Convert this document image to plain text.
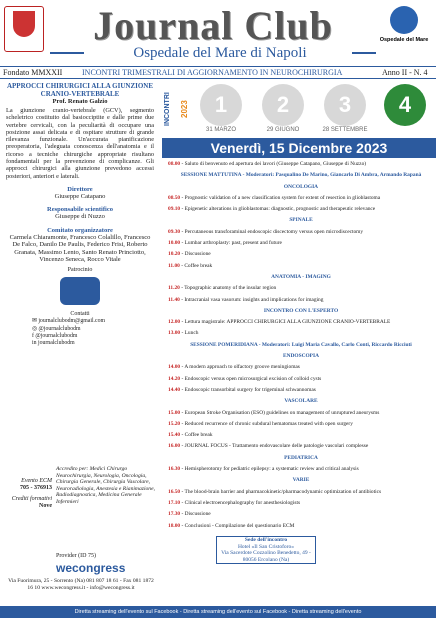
Journal Club
Ospedale del Mare di Napoli
Ospedale del Mare
Fondato MMXXII INCONTRI TRIMESTRALI DI AGGIORNAMENTO IN NEUROCHIRURGIA	Anno II - N. 4
APPROCCI CHIRURGICI ALLA GIUNZIONE CRANIO-VERTEBRALE
Prof. Renato Galzio
La giunzione cranio-vertebrale (GCV), segmento scheletrico costituito dal basiocciptite e dalle prime due vertebre cervicali, con la peculiarità di occupare una posizione assai delicata e di ospitare strutture di grande rilevanza funzionale. Un'accurata pianificazione preoperatoria, l'adeguata conoscenza dell'anatomia e il ricorso a tecniche chirurgiche appropriate risultano fondamentali per la prevenzione di complicanze. Gli approcci chirurgici alla giunzione prevedono accessi posteriori, anteriori e laterali.
Direttore
Giuseppe Catapano
Responsabile scientifico
Giuseppe di Nuzzo
Comitato organizzatore
Carmela Chiaramonte, Francesco Colalillo, Francesco De Falco, Danilo De Paulis, Federico Frisi, Roberto Granata, Massimo Lento, Santo Renato Princiotto, Vincenzo Seneca, Rocco Vitale
Patrocinio
Contatti
✉ journalclubodm@gmail.com
◎ @journalclubodm
f @journalclubodm
in journalclubodm
Evento ECM
705 - 376913
Crediti formativi
Nove
Accredito per: Medici Chirurgo Neurochirurgia, Neurologia, Oncologia, Chirurgia Generale, Chirurgia Vascolare, Neuroradiologia, Anestesia e Rianimazione, Radiodiagnostica, Medicina Generale Infermieri
Provider (ID 75)
wecongress
Via Fuorimura, 25 - Sorrento (Na) 081 807 18 61 - Fax 081 1872 16 10 www.wecongress.it - info@wecongress.it
INCONTRI	2023	1
31 MARZO
2
29 GIUGNO
3
28 SETTEMBRE
4
Venerdì, 15 Dicembre 2023
08.00 - Saluto di benvenuto ed apertura dei lavori (Giuseppe Catapano, Giuseppe di Nuzzo)
SESSIONE MATTUTINA - Moderatori: Pasqualino De Marino, Giancarlo Di Ambra, Armando Rapanà
ONCOLOGIA
08.50 - Prognostic validation of a new classification system for extent of resection in glioblastoma
09.10 - Epigenetic alterations in glioblastomas: diagnostic, prognostic and therapeutic relevance
SPINALE
09.30 - Percutaneous transforaminal endoscopic discectomy versus open microdiscectomy
10.00 - Lumbar arthroplasty: past, present and future
10.20 - Discussione
11.00 - Coffee break
ANATOMIA - IMAGING
11.20 - Topographic anatomy of the insular region
11.40 - Intracranial vasa vasorum: insights and implications for imaging
INCONTRO CON L'ESPERTO
12.00 - Lettura magistrale: APPROCCI CHIRURGICI ALLA GIUNZIONE CRANIO-VERTEBRALE
13.00 - Lunch
SESSIONE POMERIDIANA - Moderatori: Luigi Maria Cavallo, Carlo Conti, Riccardo Ricciuti
ENDOSCOPIA
14.00 - A modern approach to olfactory groove meningiomas
14.20 - Endoscopic versus open microsurgical excision of colloid cysts
14.40 - Endoscopic transorbital surgery for trigeminal schwannomas
VASCOLARE
15.00 - European Stroke Organisation (ESO) guidelines on management of unruptured aneurysms
15.20 - Reduced recurrence of chronic subdural hematomas treated with open surgery
15.40 - Coffee break
16.00 - JOURNAL FOCUS - Trattamento endovascolare delle patologie vascolari complesse
PEDIATRICA
16.30 - Hemispherotomy for pediatric epilepsy: a systematic review and critical analysis
VARIE
16.50 - The blood-brain barrier and pharmacokinetic/pharmacodynamic optimization of antibiotics
17.10 - Clinical electroencephalography for anesthesiologists
17.30 - Discussione
18.00 - Conclusioni - Compilazione del questionario ECM
Sede dell'incontro
Hotel «Il San Cristoforo»
Via Sacerdote Cozzolino Benedetto, 49 - 80056 Ercolano (Na)
Diretta streaming dell'evento sul Facebook - Diretta streaming dell'evento sul Facebook - Diretta streaming dell'evento
